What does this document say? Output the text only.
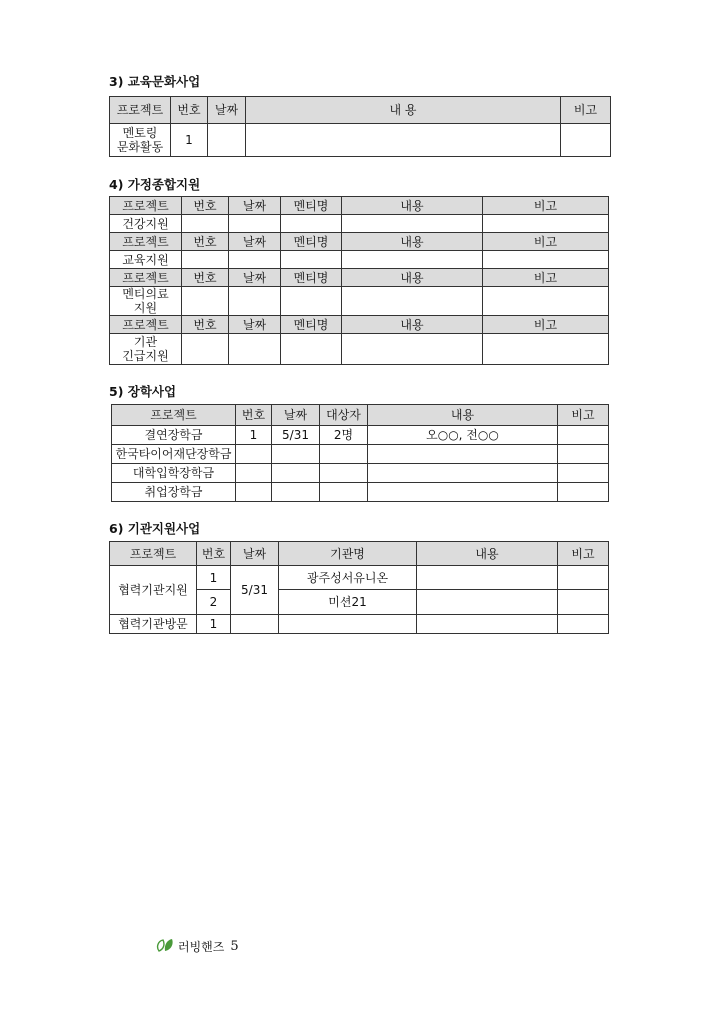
3) 교육문화사업
프로젝트	번호	날짜	내 용	비고
멘토링
문화활동	1			
4) 가정종합지원
프로젝트	번호	날짜	멘티명	내용	비고
건강지원					
프로젝트	번호	날짜	멘티명	내용	비고
교육지원					
프로젝트	번호	날짜	멘티명	내용	비고
멘티의료
지원					
프로젝트	번호	날짜	멘티명	내용	비고
기관
긴급지원					
5) 장학사업
프로젝트	번호	날짜	대상자	내용	비고
결연장학금	1	5/31	2명	오○○, 전○○	
한국타이어재단장학금					
대학입학장학금					
취업장학금					
6) 기관지원사업
프로젝트	번호	날짜	기관명	내용	비고
협력기관지원	1	5/31	광주성서유니온		
	2		미션21		
협력기관방문	1				
러빙핸즈 5
